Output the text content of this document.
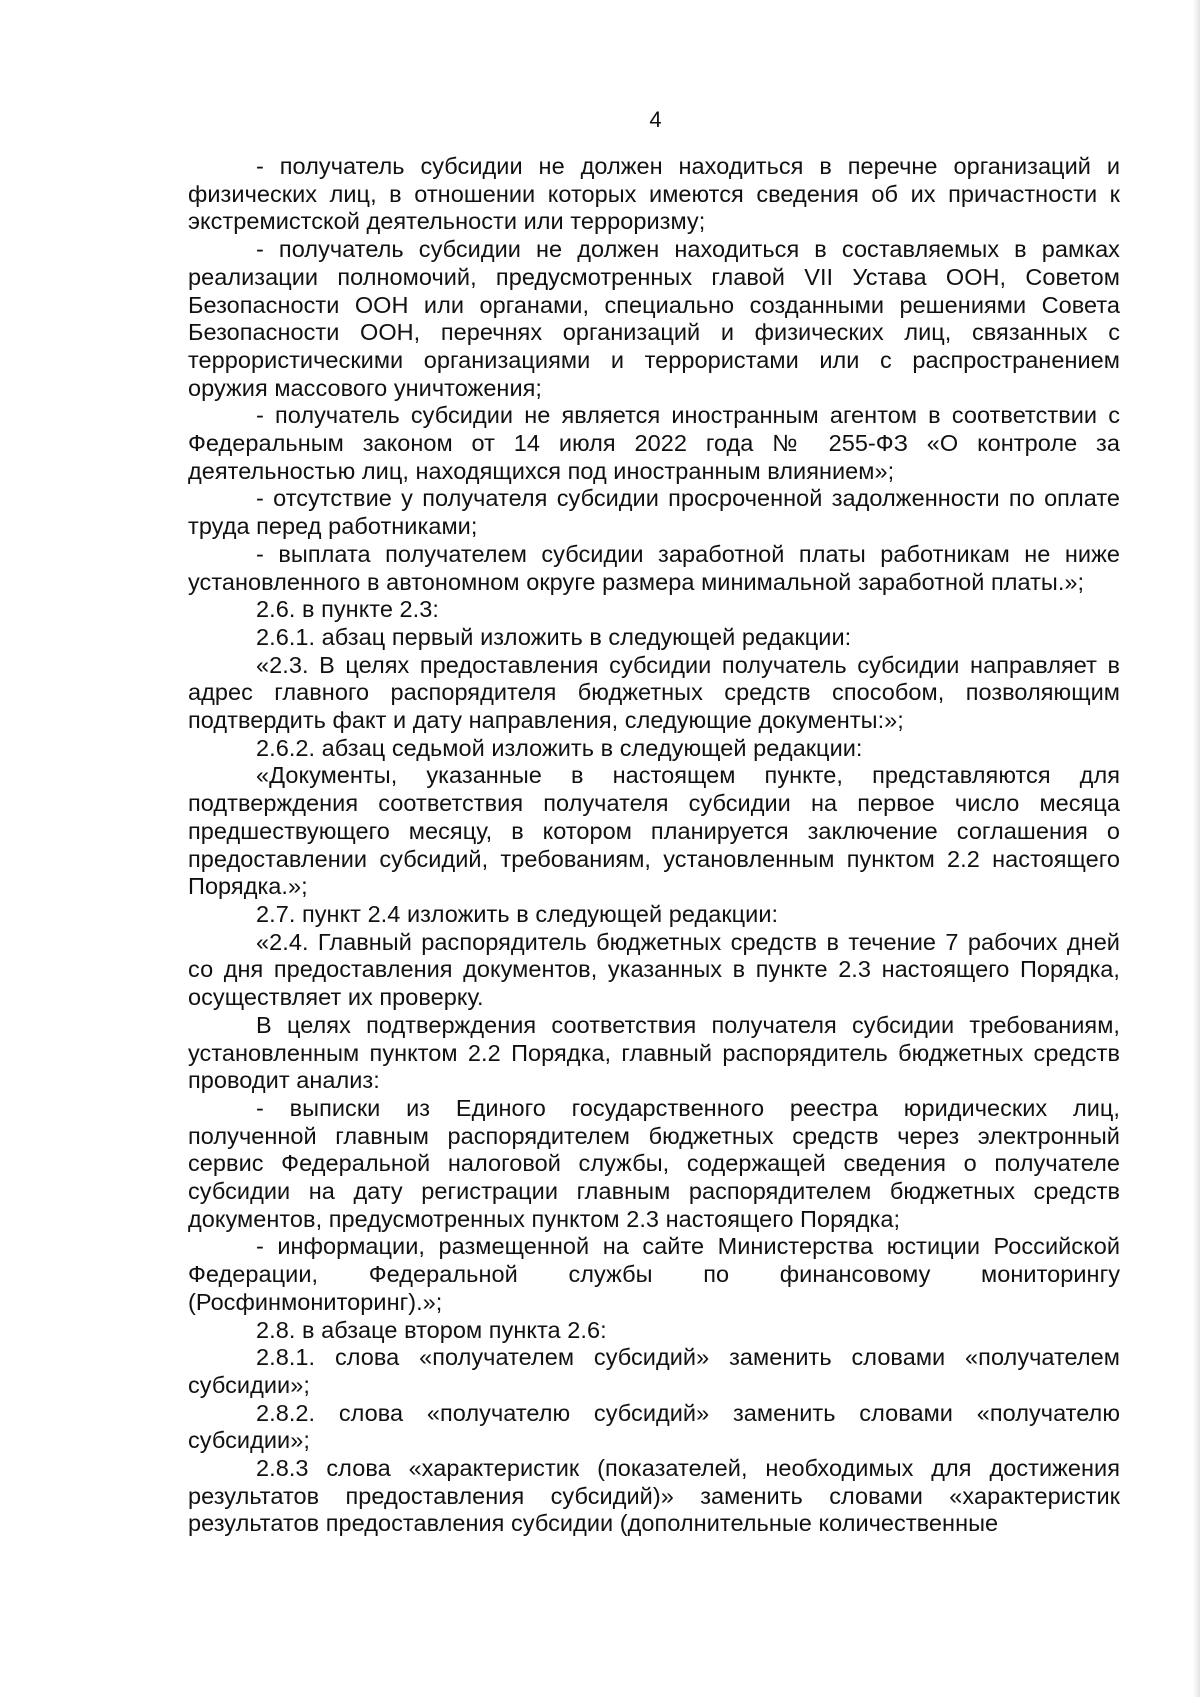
4

- получатель субсидии не должен находиться в перечне организаций и физических лиц, в отношении которых имеются сведения об их причастности к экстремистской деятельности или терроризму;

- получатель субсидии не должен находиться в составляемых в рамках реализации полномочий, предусмотренных главой VII Устава ООН, Советом Безопасности ООН или органами, специально созданными решениями Совета Безопасности ООН, перечнях организаций и физических лиц, связанных с террористическими организациями и террористами или с распространением оружия массового уничтожения;

- получатель субсидии не является иностранным агентом в соответствии с Федеральным законом от 14 июля 2022 года № 255-ФЗ «О контроле за деятельностью лиц, находящихся под иностранным влиянием»;

- отсутствие у получателя субсидии просроченной задолженности по оплате труда перед работниками;

- выплата получателем субсидии заработной платы работникам не ниже установленного в автономном округе размера минимальной заработной платы.»;

2.6. в пункте 2.3:

2.6.1. абзац первый изложить в следующей редакции:

«2.3. В целях предоставления субсидии получатель субсидии направляет в адрес главного распорядителя бюджетных средств способом, позволяющим подтвердить факт и дату направления, следующие документы:»;

2.6.2. абзац седьмой изложить в следующей редакции:

«Документы, указанные в настоящем пункте, представляются для подтверждения соответствия получателя субсидии на первое число месяца предшествующего месяцу, в котором планируется заключение соглашения о предоставлении субсидий, требованиям, установленным пунктом 2.2 настоящего Порядка.»;

2.7. пункт 2.4 изложить в следующей редакции:

«2.4. Главный распорядитель бюджетных средств в течение 7 рабочих дней со дня предоставления документов, указанных в пункте 2.3 настоящего Порядка, осуществляет их проверку.

В целях подтверждения соответствия получателя субсидии требованиям, установленным пунктом 2.2 Порядка, главный распорядитель бюджетных средств проводит анализ:

- выписки из Единого государственного реестра юридических лиц, полученной главным распорядителем бюджетных средств через электронный сервис Федеральной налоговой службы, содержащей сведения о получателе субсидии на дату регистрации главным распорядителем бюджетных средств документов, предусмотренных пунктом 2.3 настоящего Порядка;

- информации, размещенной на сайте Министерства юстиции Российской Федерации, Федеральной службы по финансовому мониторингу (Росфинмониторинг).»;

2.8. в абзаце втором пункта 2.6:

2.8.1. слова «получателем субсидий» заменить словами «получателем субсидии»;

2.8.2. слова «получателю субсидий» заменить словами «получателю субсидии»;

2.8.3 слова «характеристик (показателей, необходимых для достижения результатов предоставления субсидий)» заменить словами «характеристик результатов предоставления субсидии (дополнительные количественные
